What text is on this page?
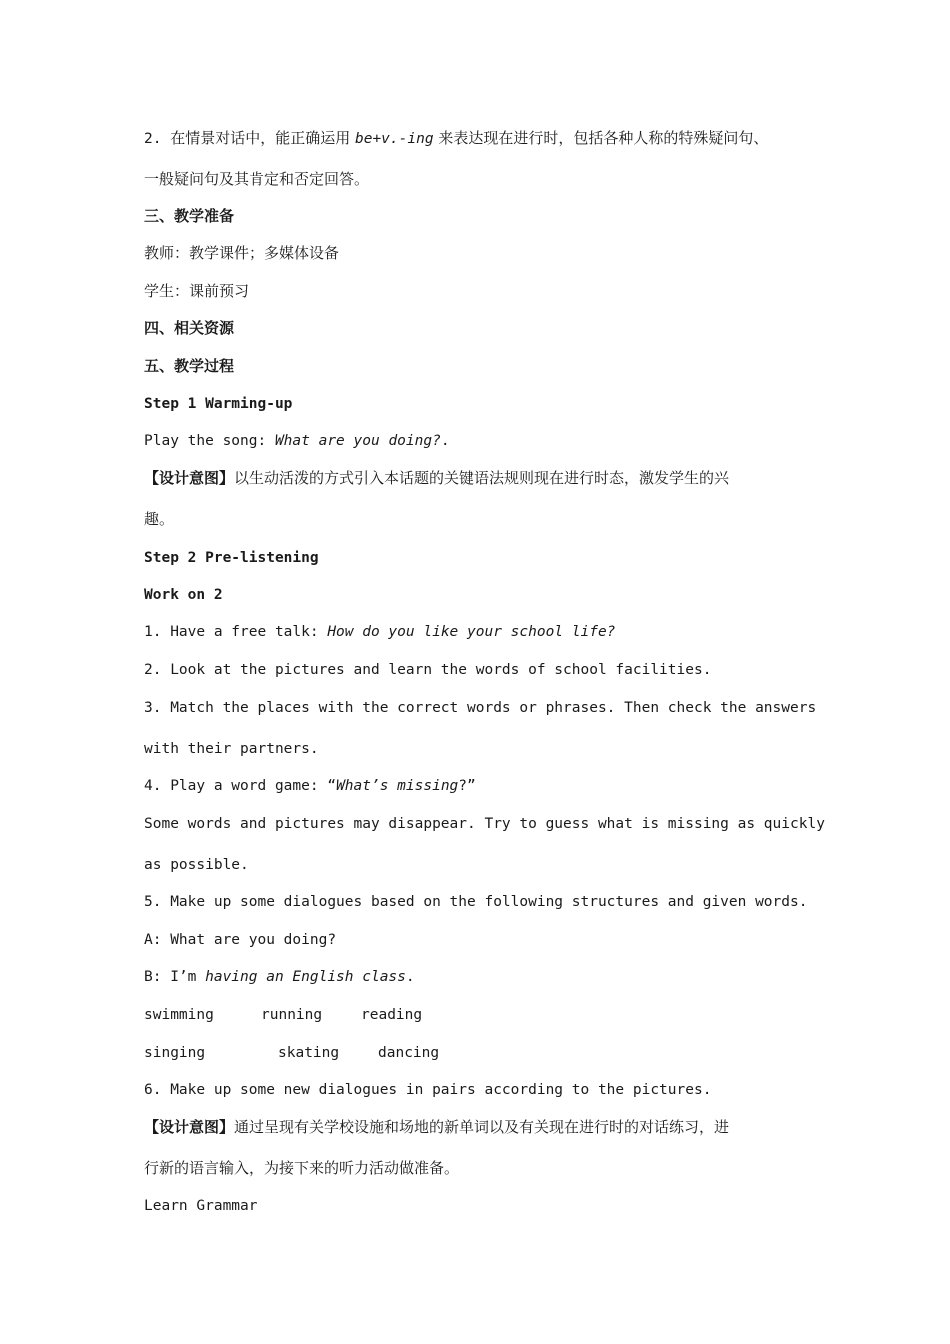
2. 在情景对话中，能正确运用 be+v.-ing 来表达现在进行时，包括各种人称的特殊疑问句、
一般疑问句及其肯定和否定回答。
三、教学准备
教师：教学课件；多媒体设备
学生：课前预习
四、相关资源
五、教学过程
Step 1 Warming-up
Play the song: What are you doing?.
【设计意图】以生动活泼的方式引入本话题的关键语法规则现在进行时态，激发学生的兴
趣。
Step 2 Pre-listening
Work on 2
1. Have a free talk: How do you like your school life?
2. Look at the pictures and learn the words of school facilities.
3. Match the places with the correct words or phrases. Then check the answers
with their partners.
4. Play a word game: “What’s missing?”
Some words and pictures may disappear. Try to guess what is missing as quickly
as possible.
5. Make up some dialogues based on the following structures and given words.
A: What are you doing?
B: I’m having an English class.
swimming	running	reading
singing	skating	dancing
6. Make up some new dialogues in pairs according to the pictures.
【设计意图】通过呈现有关学校设施和场地的新单词以及有关现在进行时的对话练习，进
行新的语言输入，为接下来的听力活动做准备。
Learn Grammar
